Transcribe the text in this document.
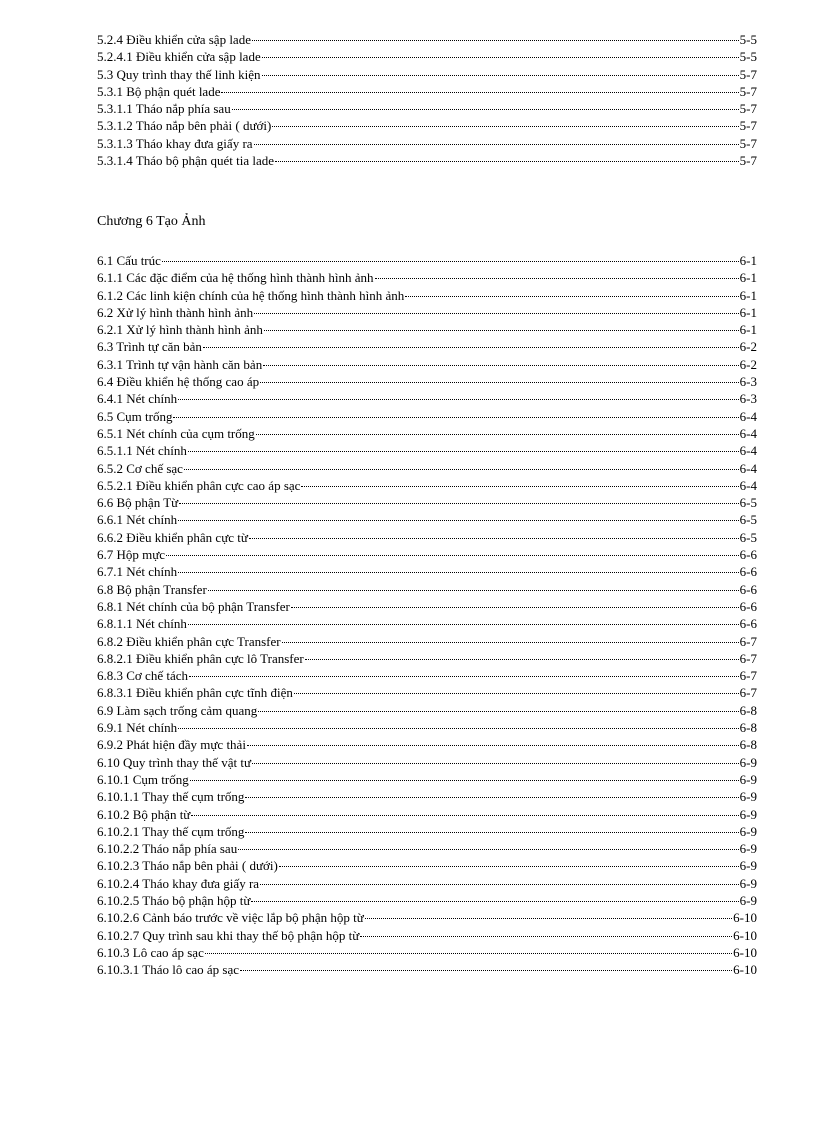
5.2.4 Điều khiển cửa sập lade	5-5
5.2.4.1 Điều khiển cửa sập lade	5-5
5.3 Quy trình thay thế linh kiện	5-7
5.3.1 Bộ phận quét lade	5-7
5.3.1.1 Tháo nắp phía sau	5-7
5.3.1.2 Tháo nắp bên phải ( dưới)	5-7
5.3.1.3 Tháo khay đưa giấy ra	5-7
5.3.1.4 Tháo bộ phận quét tia lade	5-7
Chương 6 Tạo Ảnh
6.1 Cấu trúc	6-1
6.1.1 Các đặc điểm của hệ thống hình thành hình ảnh	6-1
6.1.2 Các linh kiện chính của hệ thống hình thành hình ảnh	6-1
6.2 Xử lý hình thành hình ảnh	6-1
6.2.1 Xử lý hình thành hình ảnh	6-1
6.3 Trình tự căn bản	6-2
6.3.1 Trình tự vận hành căn bản	6-2
6.4 Điều khiển hệ thống cao áp	6-3
6.4.1 Nét chính	6-3
6.5 Cụm trống	6-4
6.5.1 Nét chính của cụm trống	6-4
6.5.1.1 Nét chính	6-4
6.5.2 Cơ chế sạc	6-4
6.5.2.1 Điều khiển phân cực cao áp sạc	6-4
6.6 Bộ phận Từ	6-5
6.6.1 Nét chính	6-5
6.6.2 Điều khiển phân cực từ	6-5
6.7 Hộp mực	6-6
6.7.1 Nét chính	6-6
6.8 Bộ phận Transfer	6-6
6.8.1 Nét chính của bộ phận Transfer	6-6
6.8.1.1 Nét chính	6-6
6.8.2 Điều khiển phân cực Transfer	6-7
6.8.2.1 Điều khiển phân cực lô Transfer	6-7
6.8.3 Cơ chế tách	6-7
6.8.3.1 Điều khiển phân cực tĩnh điện	6-7
6.9 Làm sạch trống cảm quang	6-8
6.9.1 Nét chính	6-8
6.9.2 Phát hiện đầy mực thải	6-8
6.10 Quy trình thay thế vật tư	6-9
6.10.1 Cụm trống	6-9
6.10.1.1 Thay thế cụm trống	6-9
6.10.2 Bộ phận từ	6-9
6.10.2.1 Thay thế cụm trống	6-9
6.10.2.2 Tháo nắp phía sau	6-9
6.10.2.3 Tháo nắp bên phải ( dưới)	6-9
6.10.2.4 Tháo khay đưa giấy ra	6-9
6.10.2.5 Tháo bộ phận hộp từ	6-9
6.10.2.6 Cảnh báo trước về việc lắp bộ phận hộp từ	6-10
6.10.2.7 Quy trình sau khi thay thế bộ phận hộp từ	6-10
6.10.3 Lô cao áp sạc	6-10
6.10.3.1 Tháo lô cao áp sạc	6-10
